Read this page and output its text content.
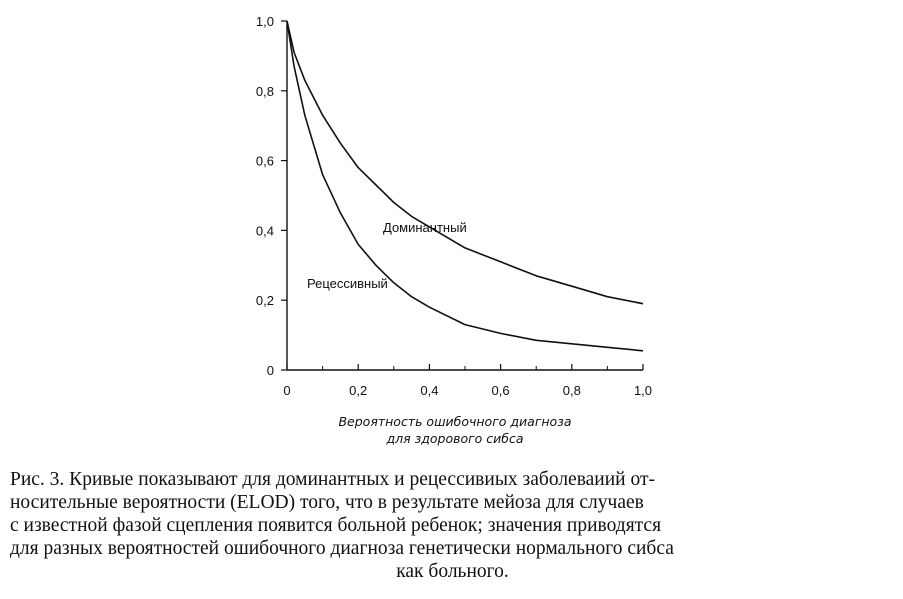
0	0,2	0,4	0,6	0,8	1,0
0
0,2
0,4
0,6
0,8
1,0
Доминантный
Рецессивный
Вероятность ошибочного диагноза
для здорового сибса

Рис. 3. Кривые показывают для доминантных и рецессивиых заболеваиий от-
носительные вероятности (ELOD) того, что в результате мейоза для случаев
с известной фазой сцепления появится больной ребенок; значения приводятся
для разных вероятностей ошибочного диагноза генетически нормального сибса
как больного.
